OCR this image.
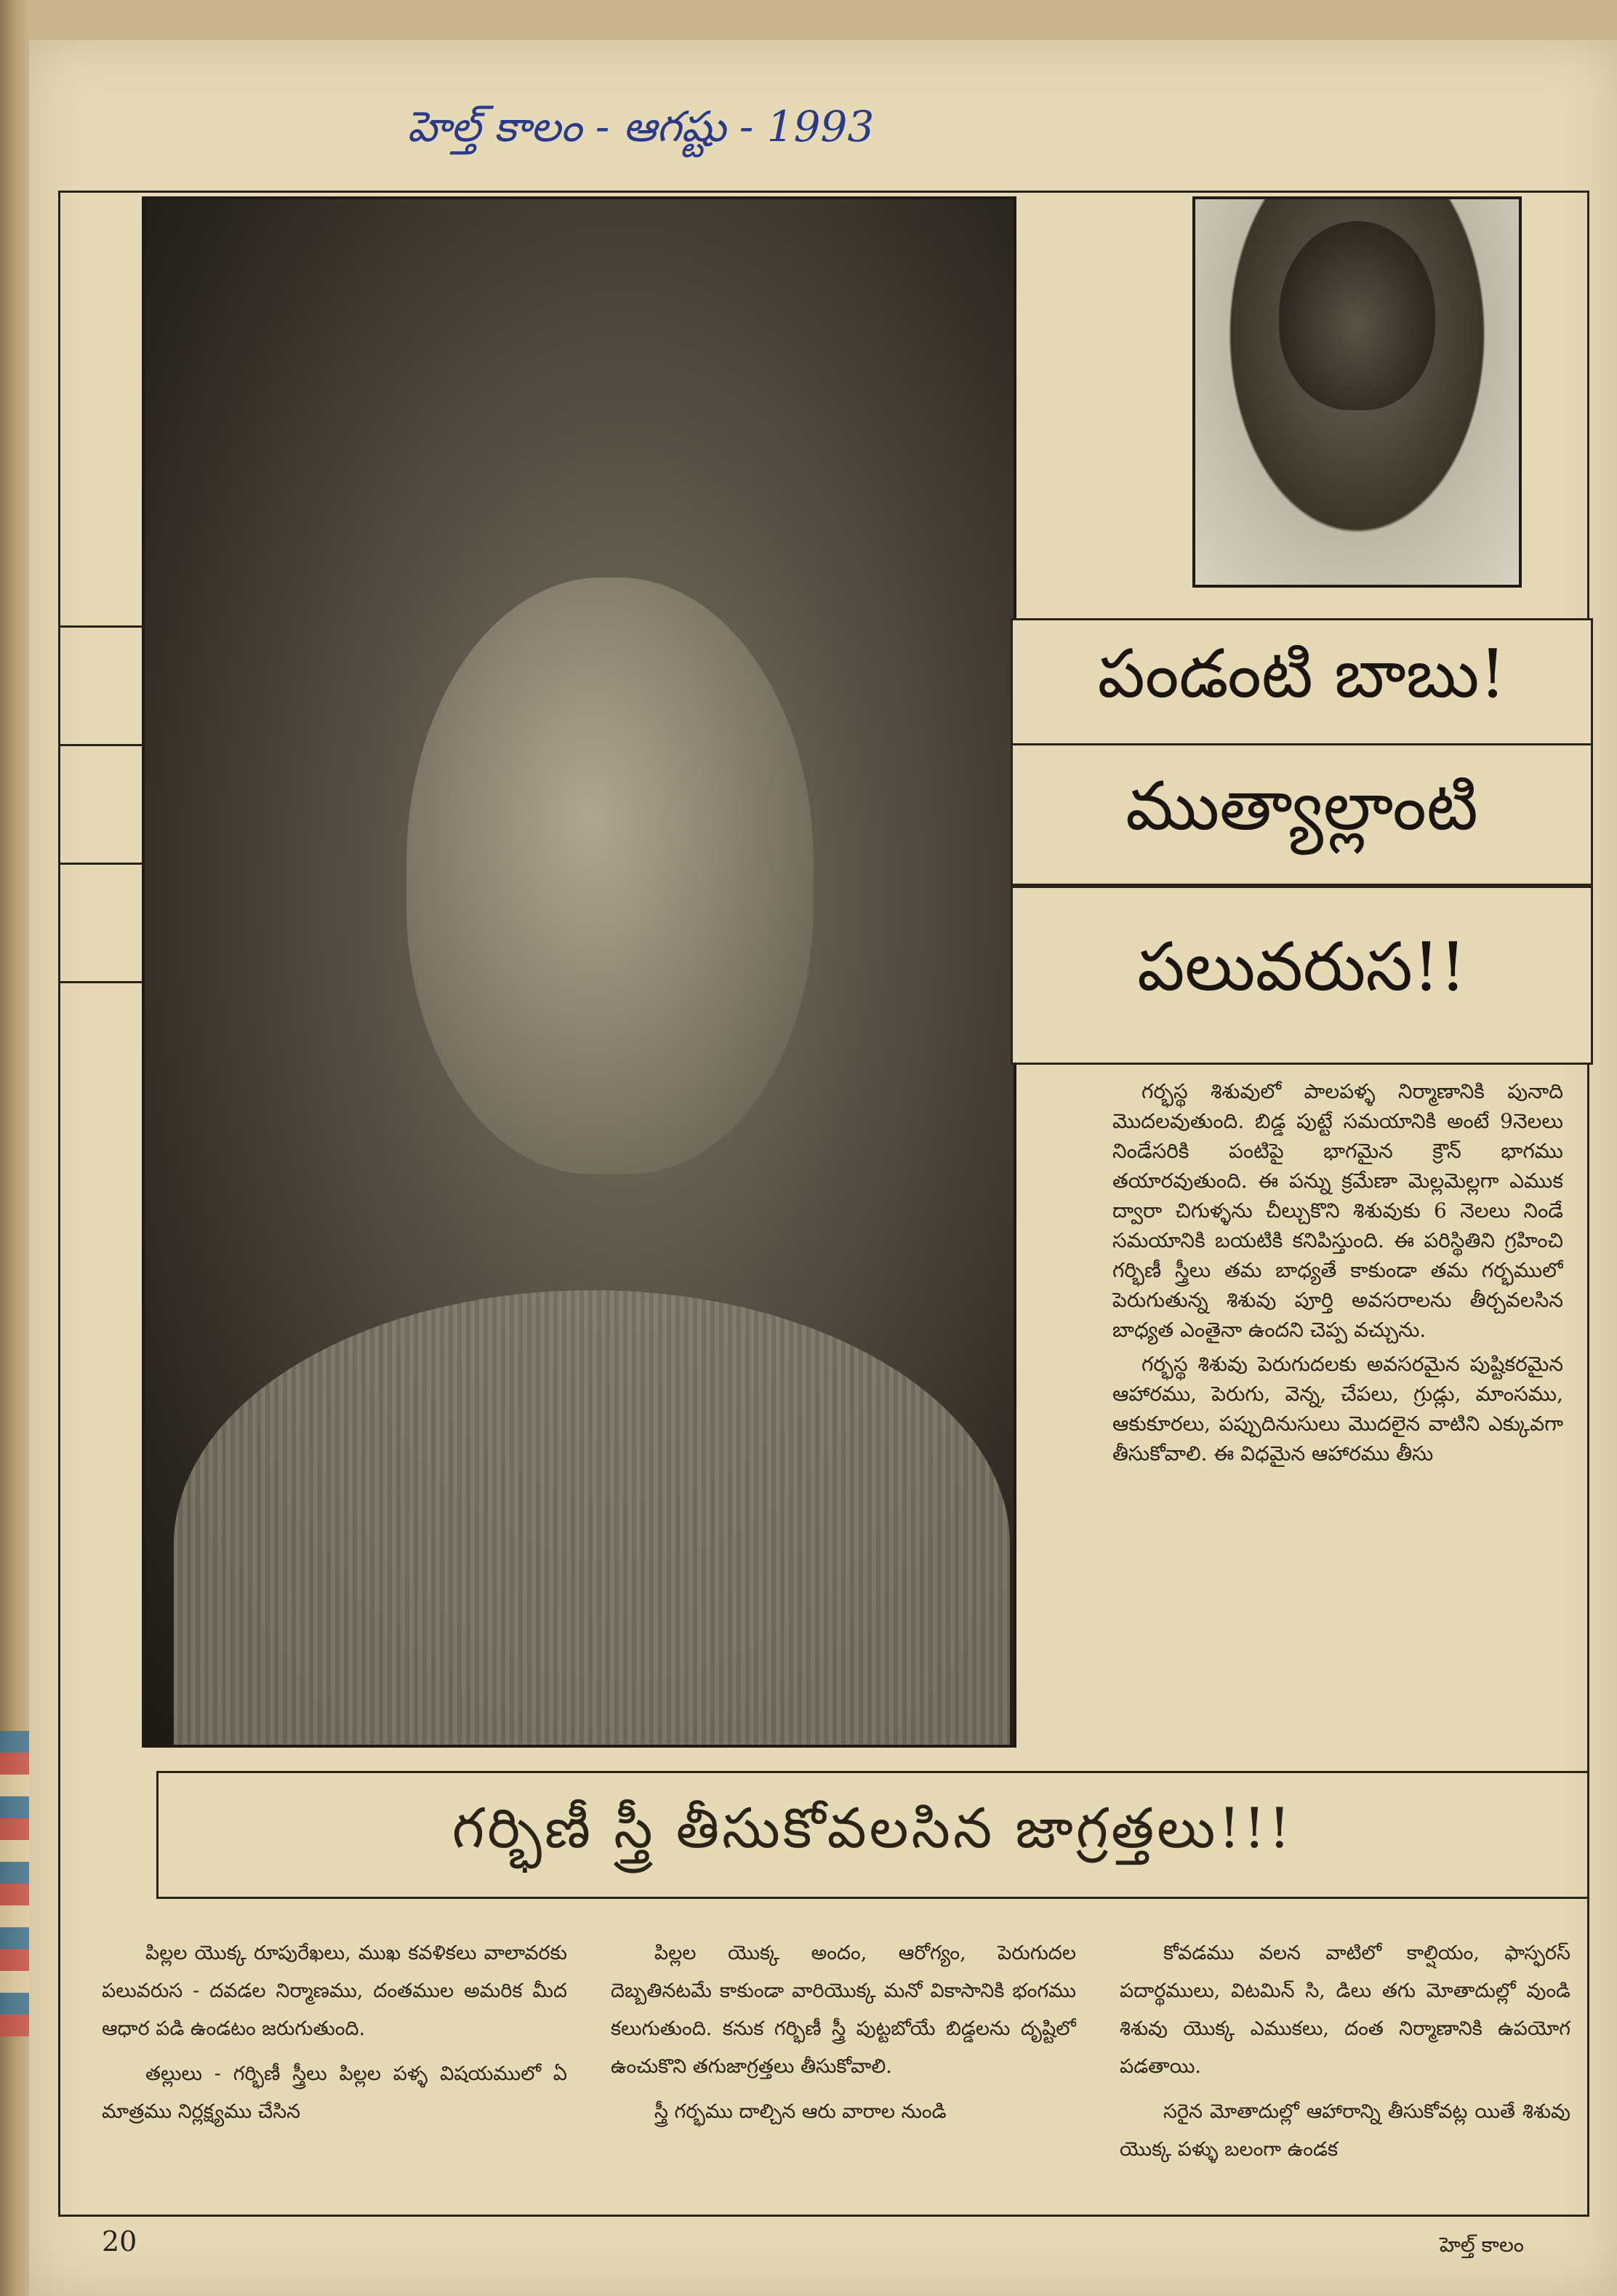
హెల్త్ కాలం - ఆగష్టు - 1993
పండంటి బాబు!
ముత్యాల్లాంటి
పలువరుస!!

గర్భస్థ శిశువులో పాలపళ్ళ నిర్మాణానికి పునాది మొదలవుతుంది. బిడ్డ పుట్టే సమయానికి అంటే 9నెలలు నిండేసరికి పంటిపై భాగమైన క్రౌన్ భాగము తయారవుతుంది. ఈ పన్ను క్రమేణా మెల్లమెల్లగా ఎముక ద్వారా చిగుళ్ళను చీల్చుకొని శిశువుకు 6 నెలలు నిండే సమయానికి బయటికి కనిపిస్తుంది. ఈ పరిస్థితిని గ్రహించి గర్భిణీ స్త్రీలు తమ బాధ్యతే కాకుండా తమ గర్భములో పెరుగుతున్న శిశువు పూర్తి అవసరాలను తీర్చవలసిన బాధ్యత ఎంతైనా ఉందని చెప్ప వచ్చును.

గర్భస్థ శిశువు పెరుగుదలకు అవసరమైన పుష్టికరమైన ఆహారము, పెరుగు, వెన్న, చేపలు, గ్రుడ్లు, మాంసము, ఆకుకూరలు, పప్పుదినుసులు మొదలైన వాటిని ఎక్కువగా తీసుకోవాలి. ఈ విధమైన ఆహారము తీసు

గర్భిణీ స్త్రీ తీసుకోవలసిన జాగ్రత్తలు!!!

పిల్లల యొక్క రూపురేఖలు, ముఖ కవళికలు వాలావరకు పలువరుస - దవడల నిర్మాణము, దంతముల అమరిక మీద ఆధార పడి ఉండటం జరుగుతుంది.

తల్లులు - గర్భిణీ స్త్రీలు పిల్లల పళ్ళ విషయములో ఏ మాత్రము నిర్లక్ష్యము చేసిన

పిల్లల యొక్క అందం, ఆరోగ్యం, పెరుగుదల దెబ్బతినటమే కాకుండా వారియొక్క మనో వికాసానికి భంగము కలుగుతుంది. కనుక గర్భిణీ స్త్రీ పుట్టబోయే బిడ్డలను దృష్టిలో ఉంచుకొని తగుజాగ్రత్తలు తీసుకోవాలి.

స్త్రీ గర్భము దాల్చిన ఆరు వారాల నుండి

కోవడము వలన వాటిలో కాల్షియం, ఫాస్ఫరస్ పదార్థములు, విటమిన్ సి, డిలు తగు మోతాదుల్లో వుండి శిశువు యొక్క ఎముకలు, దంత నిర్మాణానికి ఉపయోగ పడతాయి.

సరైన మోతాదుల్లో ఆహారాన్ని తీసుకోవట్ల యితే శిశువు యొక్క పళ్ళు బలంగా ఉండక

20	హెల్త్ కాలం
